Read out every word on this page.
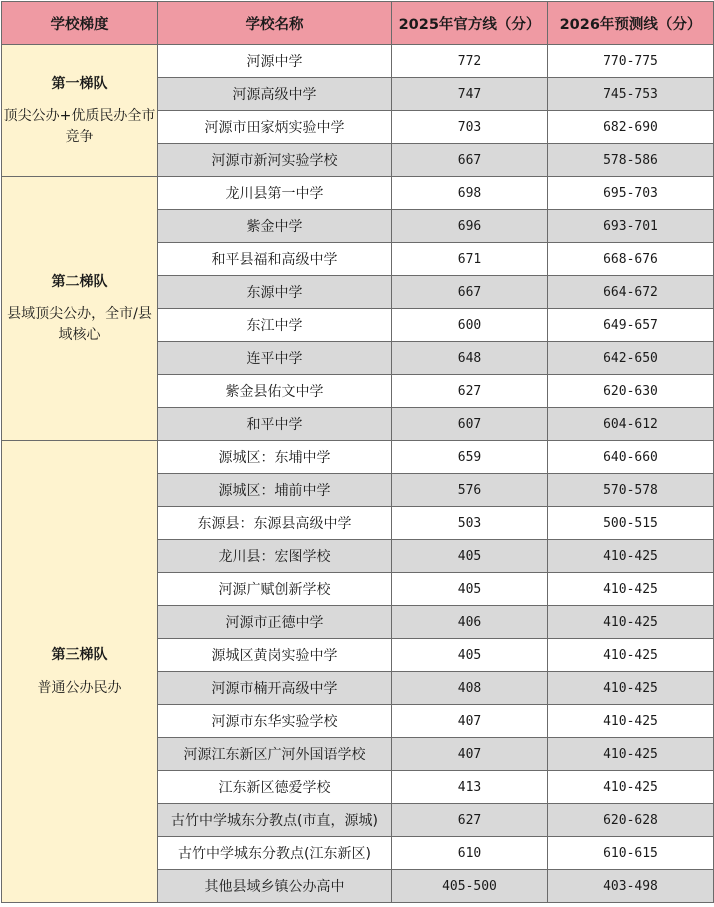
学校梯度	学校名称	2025年官方线（分）	2026年预测线（分）

第一梯队
顶尖公办+优质民办全市竞争	河源中学	772	770-775
	河源高级中学	747	745-753
	河源市田家炳实验中学	703	682-690
	河源市新河实验学校	667	578-586

第二梯队
县域顶尖公办，全市/县域核心	龙川县第一中学	698	695-703
	紫金中学	696	693-701
	和平县福和高级中学	671	668-676
	东源中学	667	664-672
	东江中学	600	649-657
	连平中学	648	642-650
	紫金县佑文中学	627	620-630
	和平中学	607	604-612

第三梯队
普通公办民办	源城区：东埔中学	659	640-660
	源城区：埔前中学	576	570-578
	东源县：东源县高级中学	503	500-515
	龙川县：宏图学校	405	410-425
	河源广赋创新学校	405	410-425
	河源市正德中学	406	410-425
	源城区黄岗实验中学	405	410-425
	河源市楠开高级中学	408	410-425
	河源市东华实验学校	407	410-425
	河源江东新区广河外国语学校	407	410-425
	江东新区德爱学校	413	410-425
	古竹中学城东分教点(市直，源城)	627	620-628
	古竹中学城东分教点(江东新区)	610	610-615
	其他县域乡镇公办高中	405-500	403-498
